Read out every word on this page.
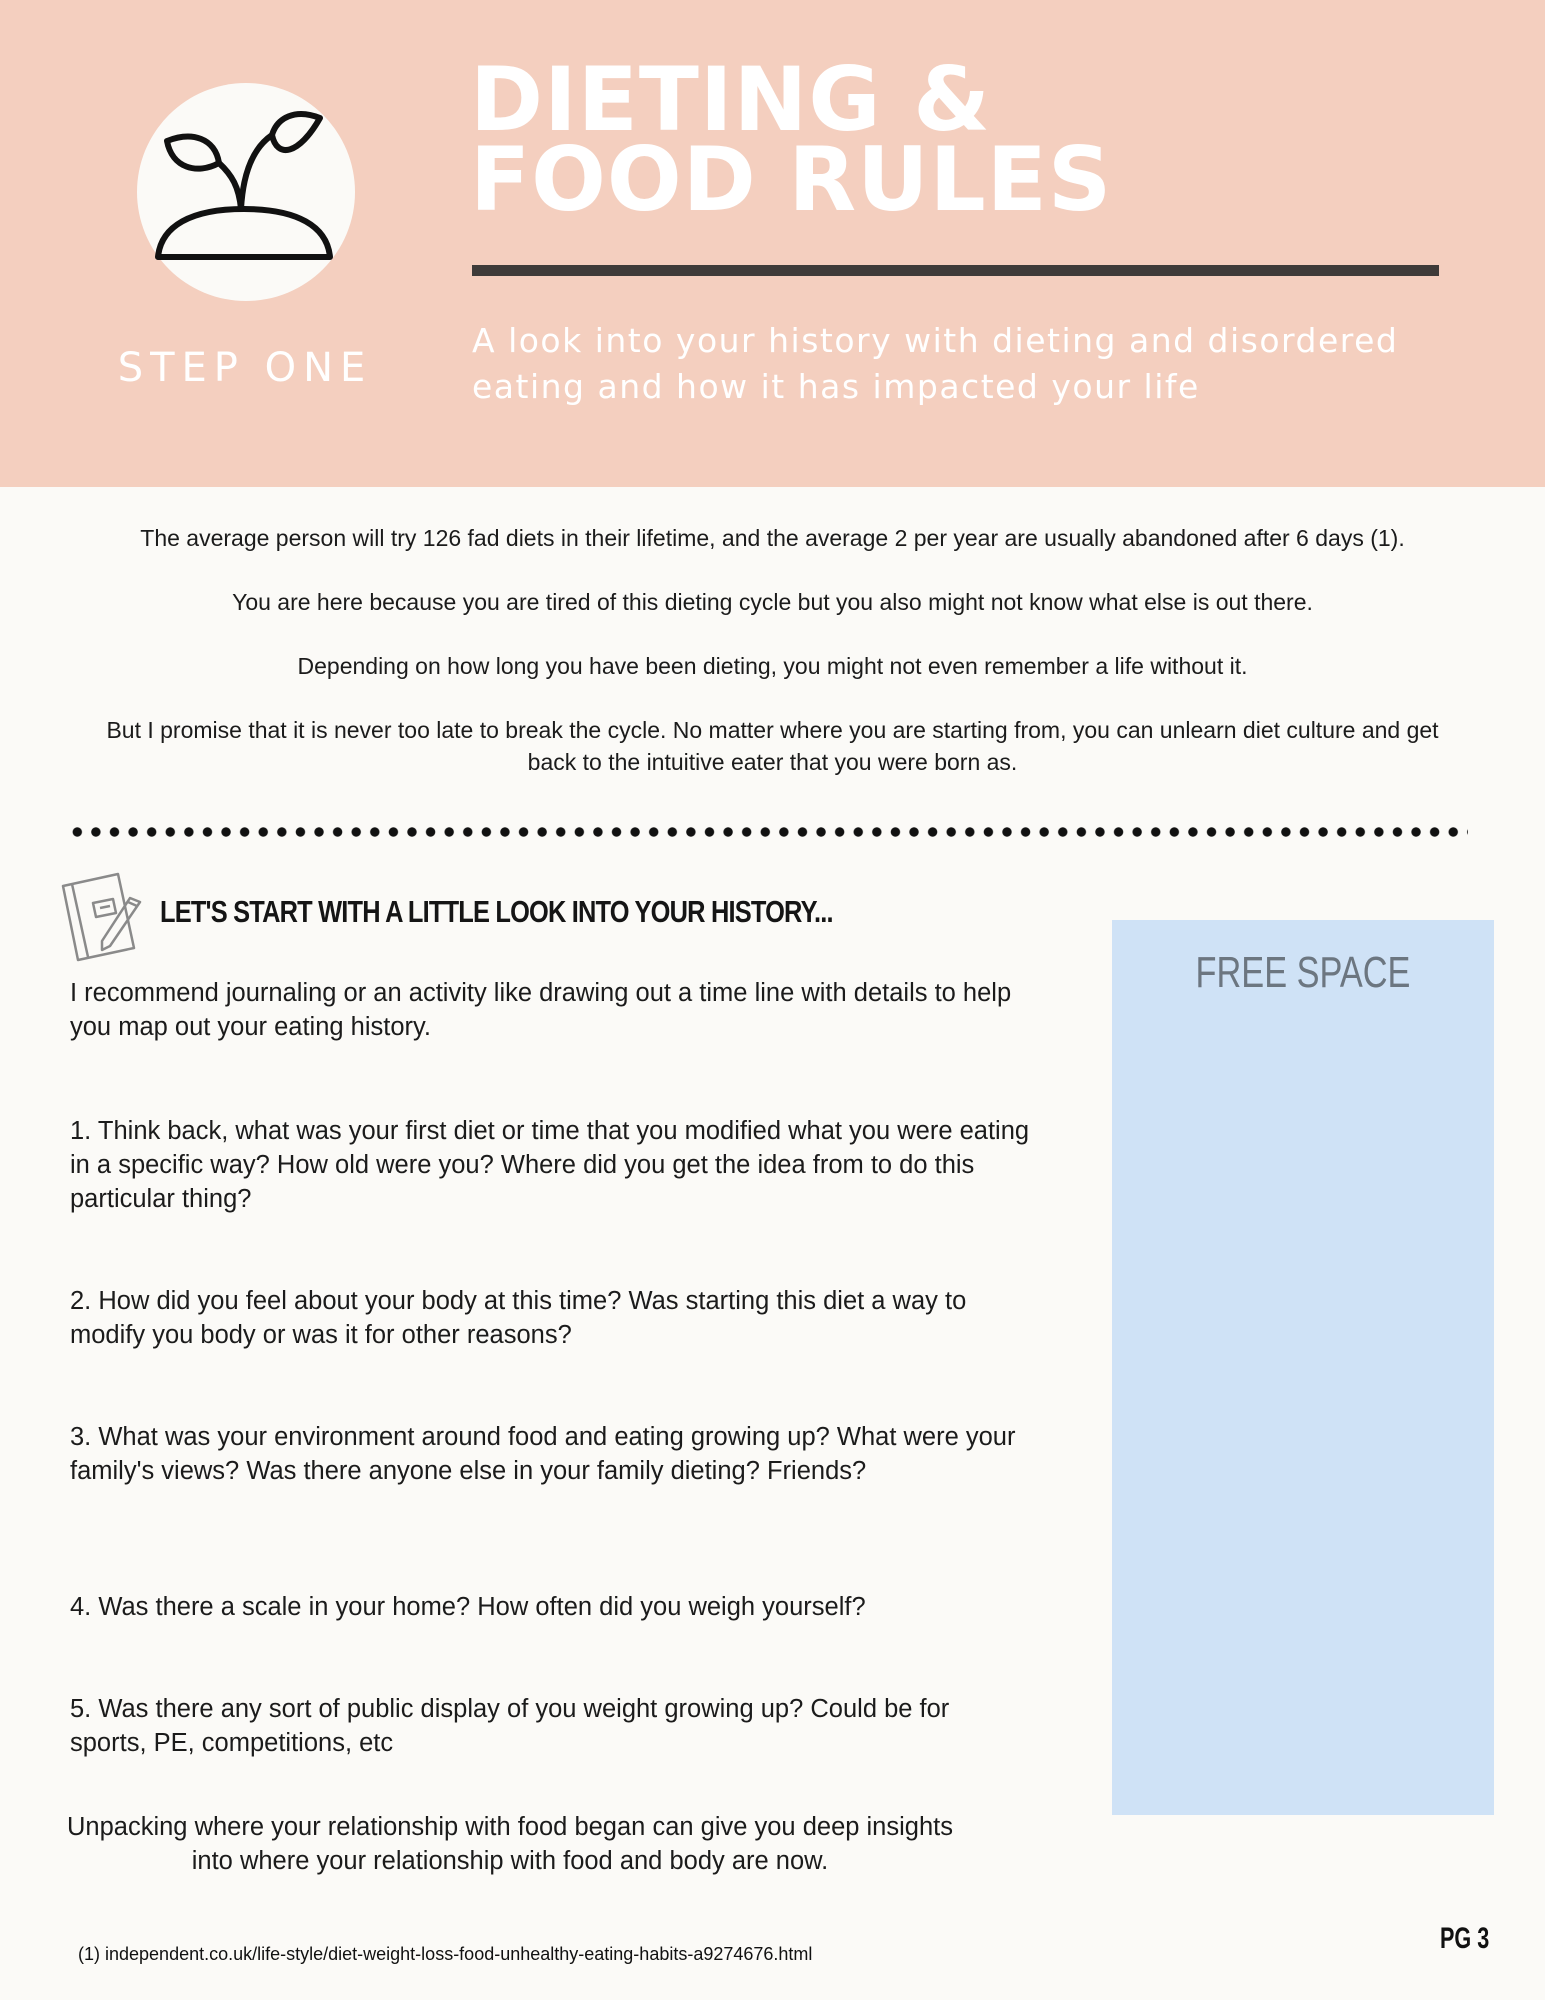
STEP ONE
DIETING &
FOOD RULES
A look into your history with dieting and disordered
eating and how it has impacted your life

The average person will try 126 fad diets in their lifetime, and the average 2 per year are usually abandoned after 6 days (1).

You are here because you are tired of this dieting cycle but you also might not know what else is out there.

Depending on how long you have been dieting, you might not even remember a life without it.

But I promise that it is never too late to break the cycle. No matter where you are starting from, you can unlearn diet culture and get back to the intuitive eater that you were born as.

LET'S START WITH A LITTLE LOOK INTO YOUR HISTORY...

I recommend journaling or an activity like drawing out a time line with details to help you map out your eating history.

1. Think back, what was your first diet or time that you modified what you were eating in a specific way? How old were you? Where did you get the idea from to do this particular thing?

2. How did you feel about your body at this time? Was starting this diet a way to modify you body or was it for other reasons?

3. What was your environment around food and eating growing up? What were your family's views? Was there anyone else in your family dieting? Friends?

4. Was there a scale in your home? How often did you weigh yourself?

5. Was there any sort of public display of you weight growing up? Could be for sports, PE, competitions, etc

Unpacking where your relationship with food began can give you deep insights into where your relationship with food and body are now.
FREE SPACE
(1) independent.co.uk/life-style/diet-weight-loss-food-unhealthy-eating-habits-a9274676.html	PG 3
